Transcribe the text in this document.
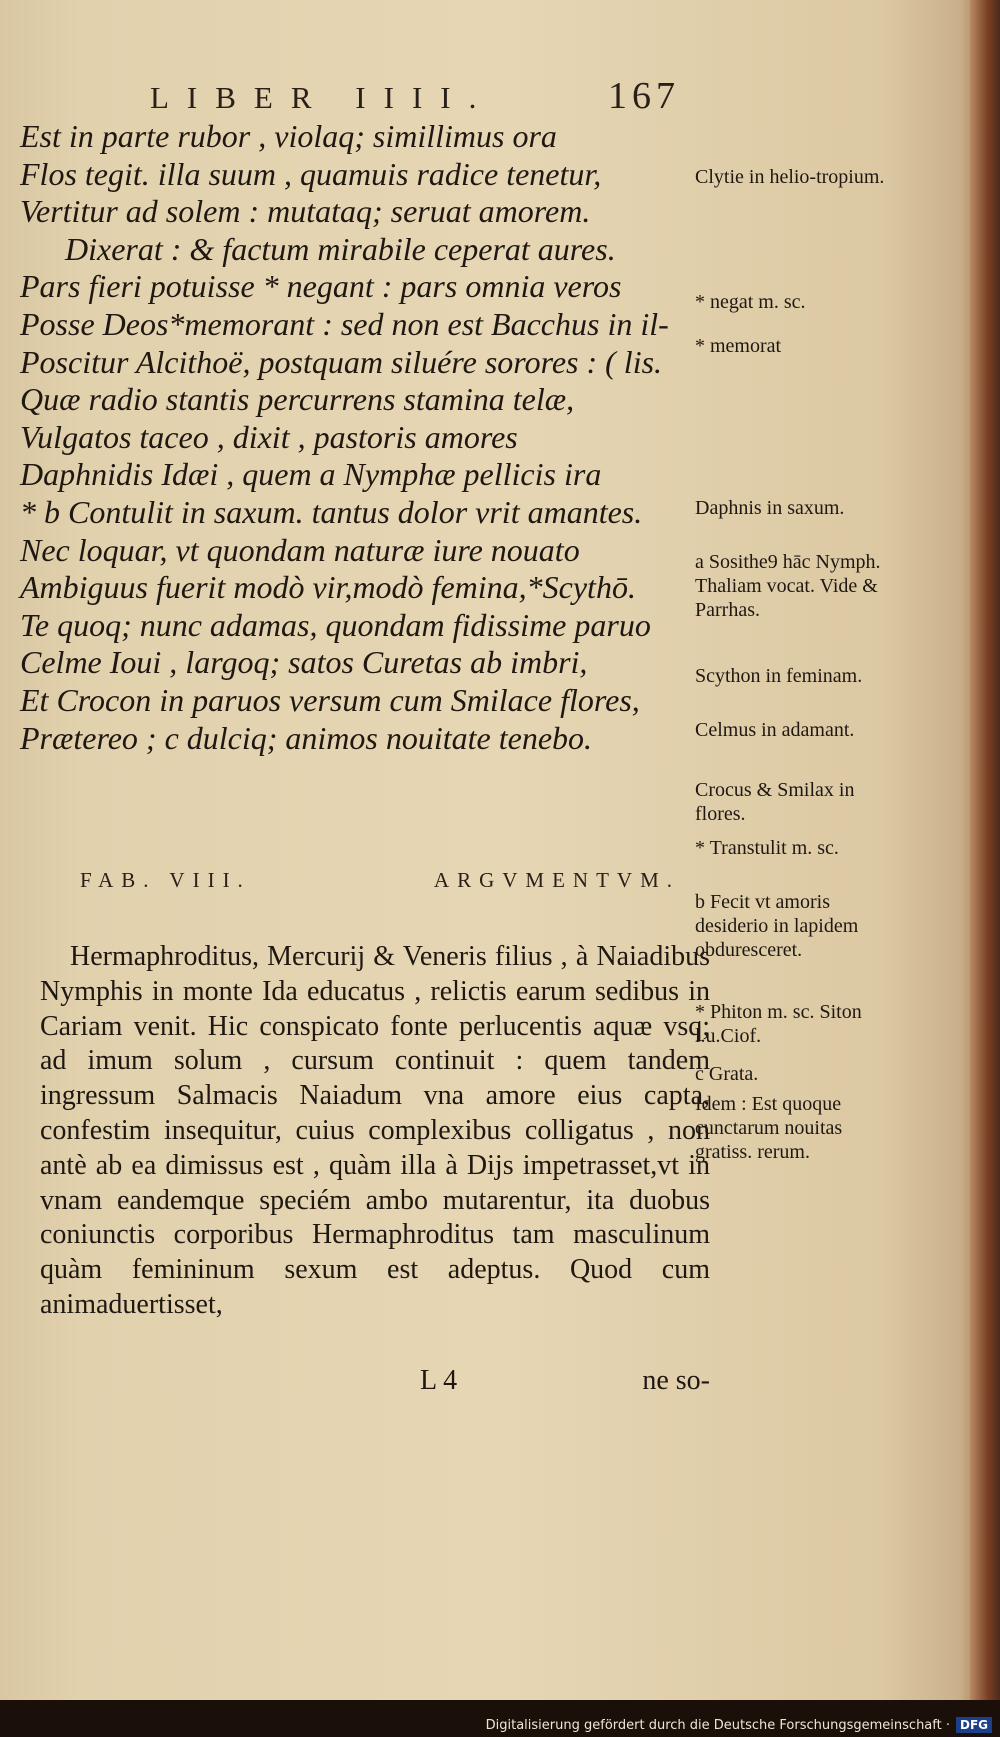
LIBER IIII.	167
Est in parte rubor , violaq; simillimus ora
Flos tegit. illa suum , quamuis radice tenetur,
Vertitur ad solem : mutataq; seruat amorem.
Dixerat : & factum mirabile ceperat aures.
Pars fieri potuisse * negant : pars omnia veros
Posse Deos*memorant : sed non est Bacchus in il-
Poscitur Alcithoë, postquam siluére sorores : ( lis.
Quæ radio stantis percurrens stamina telæ,
Vulgatos taceo , dixit , pastoris amores
Daphnidis Idæi , quem a Nymphæ pellicis ira
* b Contulit in saxum. tantus dolor vrit amantes.
Nec loquar, vt quondam naturæ iure nouato
Ambiguus fuerit modò vir,modò femina,*Scythō.
Te quoq; nunc adamas, quondam fidissime paruo
Celme Ioui , largoq; satos Curetas ab imbri,
Et Crocon in paruos versum cum Smilace flores,
Prætereo ; c dulciq; animos nouitate tenebo.
FAB. VIII.	ARGVMENTVM.
Hermaphroditus, Mercurij & Veneris filius , à Naiadibus Nymphis in monte Ida educatus , relictis earum sedibus in Cariam venit. Hic conspicato fonte perlucentis aquæ vsq; ad imum solum , cursum continuit : quem tandem ingressum Salmacis Naiadum vna amore eius capta, confestim insequitur, cuius complexibus colligatus , non antè ab ea dimissus est , quàm illa à Dijs impetrasset,vt in vnam eandemque speciém ambo mutarentur, ita duobus coniunctis corporibus Hermaphroditus tam masculinum quàm femininum sexum est adeptus. Quod cum animaduertisset,
L 4	ne so-
Clytie in helio-tropium.
* negat m. sc.
* memorat
Daphnis in saxum.
a Sosithe9 hāc Nymph. Thaliam vocat. Vide & Parrhas.
Scython in feminam.
Celmus in adamant.
Crocus & Smilax in flores.
* Transtulit m. sc.
b Fecit vt amoris desiderio in lapidem obduresceret.
* Phiton m. sc. Siton l.u.Ciof.
c Grata.
Idem : Est quoque cunctarum nouitas gratiss. rerum.
Digitalisierung gefördert durch die Deutsche Forschungsgemeinschaft · DFG
